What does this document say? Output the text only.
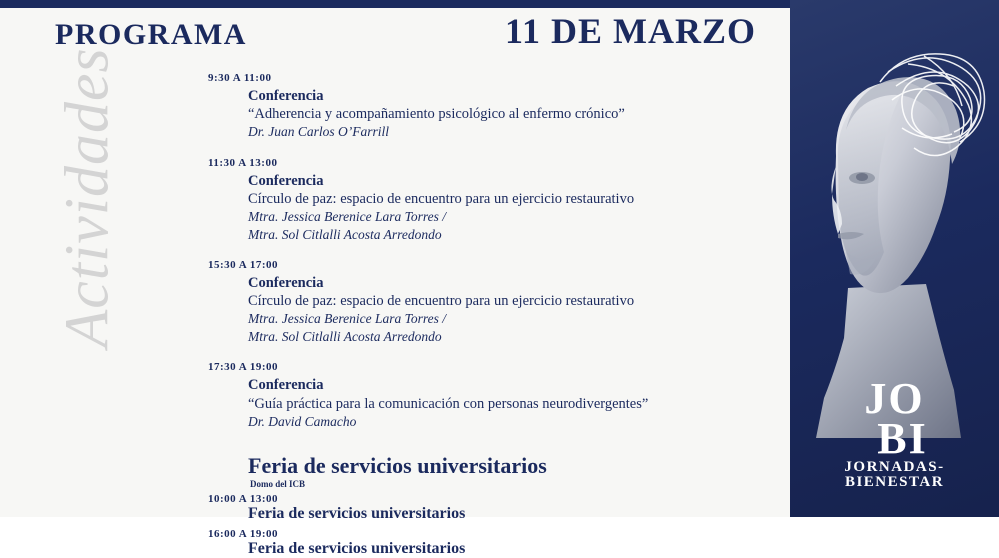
Actividades
PROGRAMA	11 DE MARZO
9:30 A 11:00
Conferencia
“Adherencia y acompañamiento psicológico al enfermo crónico”
Dr. Juan Carlos O’Farrill
11:30 A 13:00
Conferencia
Círculo de paz: espacio de encuentro para un ejercicio restaurativo
Mtra. Jessica Berenice Lara Torres /
Mtra. Sol Citlalli Acosta Arredondo
15:30 A 17:00
Conferencia
Círculo de paz: espacio de encuentro para un ejercicio restaurativo
Mtra. Jessica Berenice Lara Torres /
Mtra. Sol Citlalli Acosta Arredondo
17:30 A 19:00
Conferencia
“Guía práctica para la comunicación con personas neurodivergentes”
Dr. David Camacho
Feria de servicios universitarios
Domo del ICB
10:00 A 13:00
Feria de servicios universitarios
16:00 A 19:00
Feria de servicios universitarios
JO
BI
JORNADAS-
BIENESTAR
